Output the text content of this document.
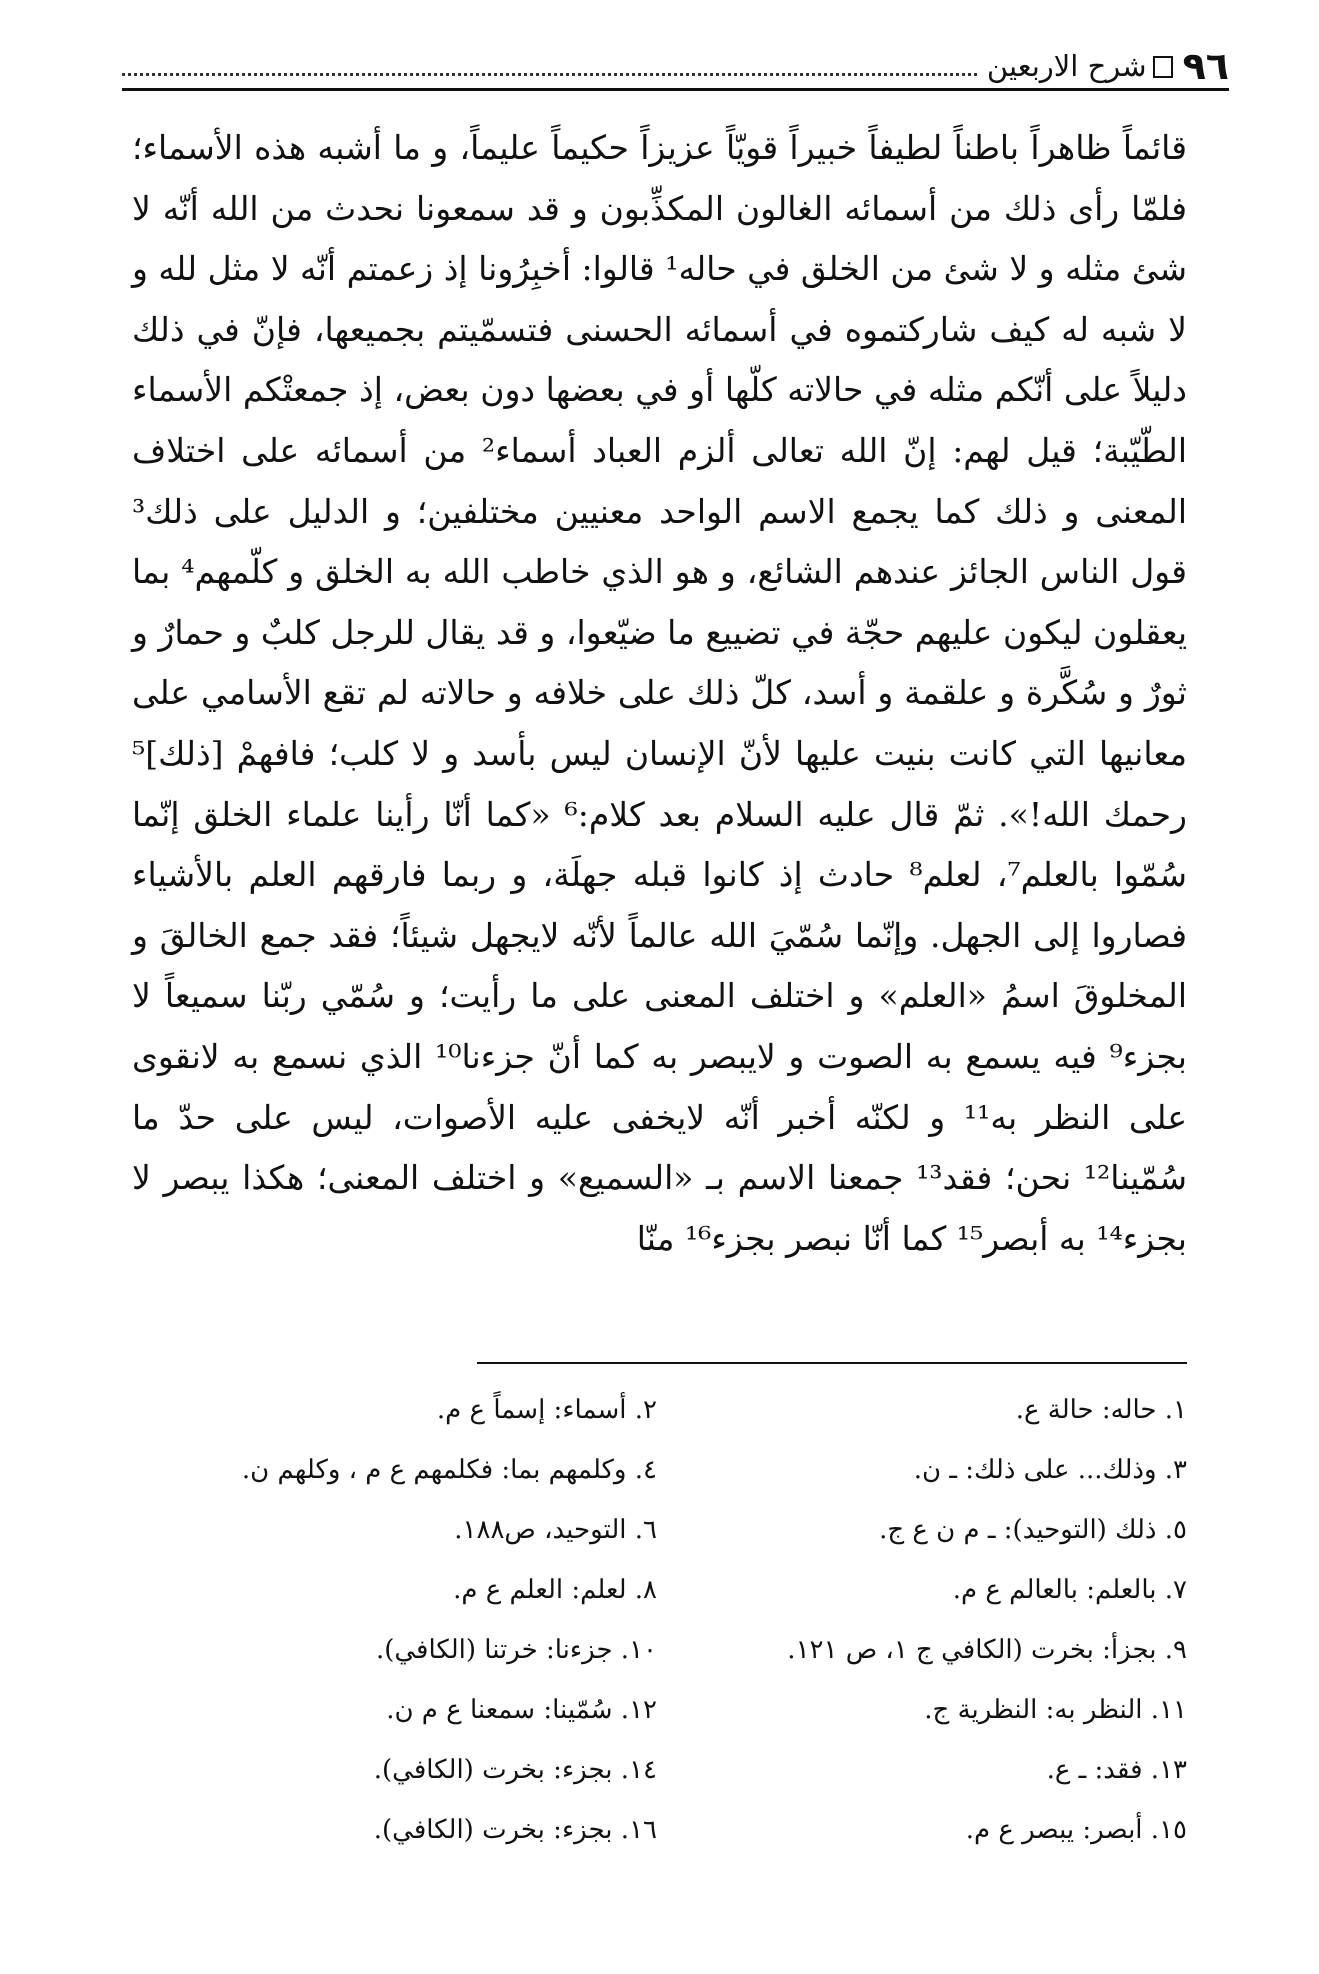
٩٦
شرح الاربعين

قائماً ظاهراً باطناً لطيفاً خبيراً قويّاً عزيزاً حكيماً عليماً، و ما أشبه هذه الأسماء؛ فلمّا رأى ذلك من أسمائه الغالون المكذِّبون و قد سمعونا نحدث من الله أنّه لا شئ مثله و لا شئ من الخلق في حاله¹ قالوا: أخبِرُونا إذ زعمتم أنّه لا مثل لله و لا شبه له كيف شاركتموه في أسمائه الحسنى فتسمّيتم بجميعها، فإنّ في ذلك دليلاً على أنّكم مثله في حالاته كلّها أو في بعضها دون بعض، إذ جمعتْكم الأسماء الطّيّبة؛ قيل لهم: إنّ الله تعالى ألزم العباد أسماء² من أسمائه على اختلاف المعنى و ذلك كما يجمع الاسم الواحد معنيين مختلفين؛ و الدليل على ذلك³ قول الناس الجائز عندهم الشائع، و هو الذي خاطب الله به الخلق و كلّمهم⁴ بما يعقلون ليكون عليهم حجّة في تضييع ما ضيّعوا، و قد يقال للرجل كلبٌ و حمارٌ و ثورٌ و سُكَّرة و علقمة و أسد، كلّ ذلك على خلافه و حالاته لم تقع الأسامي على معانيها التي كانت بنيت عليها لأنّ الإنسان ليس بأسد و لا كلب؛ فافهمْ [ذلك]⁵ رحمك الله!». ثمّ قال عليه السلام بعد كلام:⁶ «كما أنّا رأينا علماء الخلق إنّما سُمّوا بالعلم⁷، لعلم⁸ حادث إذ كانوا قبله جهلَة، و ربما فارقهم العلم بالأشياء فصاروا إلى الجهل. وإنّما سُمّيَ الله عالماً لأنّه لايجهل شيئاً؛ فقد جمع الخالقَ و المخلوقَ اسمُ «العلم» و اختلف المعنى على ما رأيت؛ و سُمّي ربّنا سميعاً لا بجزء⁹ فيه يسمع به الصوت و لايبصر به كما أنّ جزءنا¹⁰ الذي نسمع به لانقوى على النظر به¹¹ و لكنّه أخبر أنّه لايخفى عليه الأصوات، ليس على حدّ ما سُمّينا¹² نحن؛ فقد¹³ جمعنا الاسم بـ «السميع» و اختلف المعنى؛ هكذا يبصر لا بجزء¹⁴ به أبصر¹⁵ كما أنّا نبصر بجزء¹⁶ منّا

١. حاله: حالة ع.
٢. أسماء: إسماً ع م.
٣. وذلك... على ذلك: ـ ن.
٤. وكلمهم بما: فكلمهم ع م ، وكلهم ن.
٥. ذلك (التوحيد): ـ م ن ع ج.
٦. التوحيد، ص١٨٨.
٧. بالعلم: بالعالم ع م.
٨. لعلم: العلم ع م.
٩. بجزأ: بخرت (الكافي ج ١، ص ١٢١.
١٠. جزءنا: خرتنا (الكافي).
١١. النظر به: النظرية ج.
١٢. سُمّينا: سمعنا ع م ن.
١٣. فقد: ـ ع.
١٤. بجزء: بخرت (الكافي).
١٥. أبصر: يبصر ع م.
١٦. بجزء: بخرت (الكافي).
